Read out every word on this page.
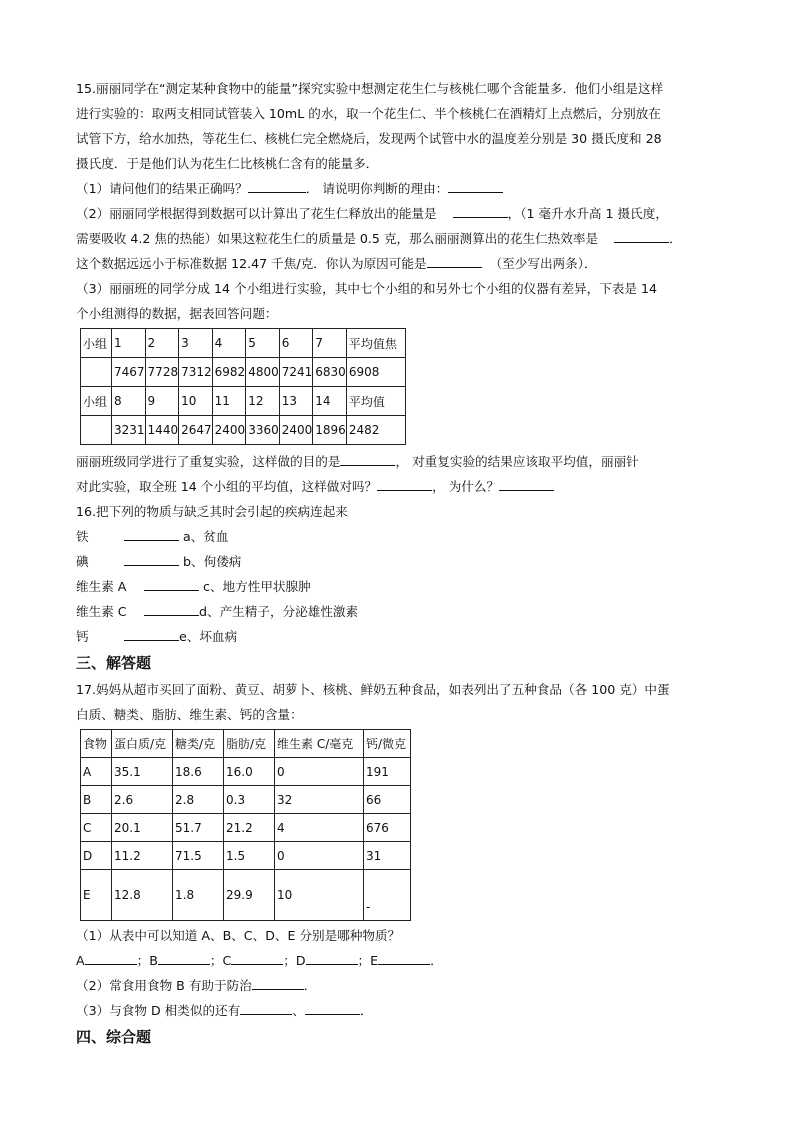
15.丽丽同学在“测定某种食物中的能量”探究实验中想测定花生仁与核桃仁哪个含能量多．他们小组是这样

进行实验的：取两支相同试管装入 10mL 的水，取一个花生仁、半个核桃仁在酒精灯上点燃后，分别放在

试管下方，给水加热，等花生仁、核桃仁完全燃烧后，发现两个试管中水的温度差分别是 30 摄氏度和 28

摄氏度．于是他们认为花生仁比核桃仁含有的能量多．

（1）请问他们的结果正确吗？	． 请说明你判断的理由：

（2）丽丽同学根据得到数据可以计算出了花生仁释放出的能量是	，（1 毫升水升高 1 摄氏度，

需要吸收 4.2 焦的热能）如果这粒花生仁的质量是 0.5 克，那么丽丽测算出的花生仁热效率是	．

这个数据远远小于标准数据 12.47 千焦/克．你认为原因可能是	（至少写出两条）．

（3）丽丽班的同学分成 14 个小组进行实验，其中七个小组的和另外七个小组的仪器有差异，下表是 14

个小组测得的数据，据表回答问题：

小组	1	2	3	4	5	6	7	平均值焦
	7467	7728	7312	6982	4800	7241	6830	6908
小组	8	9	10	11	12	13	14	平均值
	3231	1440	2647	2400	3360	2400	1896	2482

丽丽班级同学进行了重复实验，这样做的目的是	， 对重复实验的结果应该取平均值，丽丽针

对此实验，取全班 14 个小组的平均值，这样做对吗？	， 为什么？

16.把下列的物质与缺乏其时会引起的疾病连起来

铁	a、贫血

碘	b、佝偻病

维生素 A	c、地方性甲状腺肿

维生素 C	d、产生精子，分泌雄性激素

钙	e、坏血病

三、解答题

17.妈妈从超市买回了面粉、黄豆、胡萝卜、核桃、鲜奶五种食品，如表列出了五种食品（各 100 克）中蛋

白质、糖类、脂肪、维生素、钙的含量：

食物	蛋白质/克	糖类/克	脂肪/克	维生素 C/毫克	钙/微克
A	35.1	18.6	16.0	0	191
B	2.6	2.8	0.3	32	66
C	20.1	51.7	21.2	4	676
D	11.2	71.5	1.5	0	31
E	12.8	1.8	29.9	10	-

（1）从表中可以知道 A、B、C、D、E 分别是哪种物质？

A	；B	；C	；D	；E	．

（2）常食用食物 B 有助于防治	．

（3）与食物 D 相类似的还有	、	．

四、综合题
